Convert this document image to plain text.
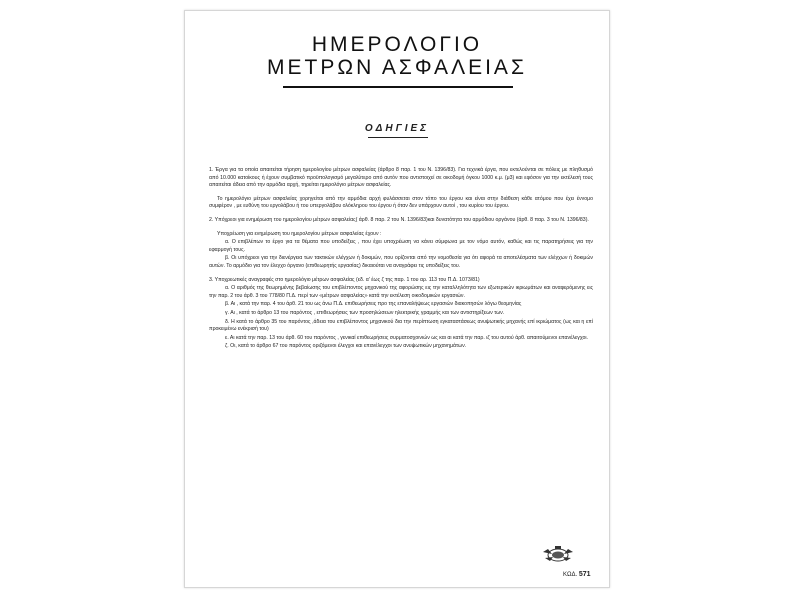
ΗΜΕΡΟΛΟΓΙΟ
ΜΕΤΡΩΝ ΑΣΦΑΛΕΙΑΣ
ΟΔΗΓΙΕΣ

1. Έργα για τα οποία απαιτείται τήρηση ημερολογίου μέτρων ασφαλείας (άρθρο 8 παρ. 1 του Ν. 1396/83). Για τεχνικά έργα, που εκτελούνται σε πόλεις με πληθυσμό από 10.000 κατοίκους ή έχουν συμβατικό προϋπολογισμό μεγαλύτερο από αυτόν που αντιστοιχεί σε οικοδομή όγκου 1000 κ.μ. (μ3) και εφόσον για την εκτέλεσή τους απαιτείται άδεια από την αρμόδια αρχή, τηρείται ημερολόγιο μέτρων ασφαλείας.

Το ημερολόγιο μέτρων ασφαλείας χορηγείται από την αρμόδια αρχή φυλάσσεται στον τόπο του έργου και είναι στην διάθεση κάθε ατόμου που έχει έννομο συμφέρον , με ευθύνη του εργολάβου ή του υπεργολάβου ολόκληρου του έργου ή όταν δεν υπάρχουν αυτοί , του κυρίου του έργου.

2. Υπόχρεοι για ενημέρωση του ημερολογίου μέτρων ασφαλείας( άρθ. 8 παρ. 2 του Ν. 1396/83)και δυνατότητα του αρμόδιου οργάνου (άρθ. 8 παρ. 3 του Ν. 1396/83).

Υποχρέωση για ενημέρωση του ημερολογίου μέτρων ασφαλείας έχουν :

α. Ο επιβλέπων το έργο για τα θέματα που υποδείξεις , που έχει υποχρέωση να κάνει σύμφωνα με τον νόμο αυτόν, καθώς και τις παρατηρήσεις για την εφαρμογή τους.

β. Οι υπόχρεοι για την διενέργεια των τακτικών ελέγχων ή δοκιμών, που ορίζονται από την νομοθεσία για ότι αφορά τα αποτελέσματα των ελέγχων ή δοκιμών αυτών. Το αρμόδιο για τον έλεγχο όργανο (επιθεωρητής εργασίας) δικαιούται να αναγράφει τις υποδείξεις του.

3. Υποχρεωτικές αναγραφές στο ημερολόγιο μέτρων ασφαλείας (εδ. α' έως ζ της παρ. 1 του αρ. 113 του Π.Δ. 1073/81)

α. Ο αριθμός της θεωρημένης βεβαίωσης του επιβλέποντος μηχανικού της αφορώσης εις την καταλληλότητα των εξωτερικών ικριωμάτων και αναφερόμενης εις την παρ. 2 του άρθ. 3 του 778/80 Π.Δ. περί των «μέτρων ασφαλείας» κατά την εκτέλεση οικοδομικών εργασιών.

β. Αι , κατά την παρ. 4 του άρθ. 21 του ως άνω Π.Δ. επιθεωρήσεις προ της επαναλήψεως εργασιών διακοπησών λόγω θεομηνίας

γ. Αι , κατά το άρθρο 13 του παρόντος , επιθεωρήσεις των προσηλώσεων ηλεκτρικής γραμμής και των αντιστηρίξεων των.

δ. Η κατά το άρθρο 35 του παρόντος ,άδεια του επιβλέποντος μηχανικού δια την περίπτωση εγκαταστάσεως ανυψωτικής μηχανής επί ικριώματος (ως και η επί προκειμένω ενέκρισή του)

ε. Αι κατά την παρ. 13 του άρθ. 60 του παρόντος , γενικαί επιθεωρήσεις συρματοσχοινιών ως και αι κατά την παρ. ιζ του αυτού άρθ. απαιτούμενοι επανέλεγχοι.

ζ. Οι, κατά το άρθρο 67 του παρόντος οριζόμενοι έλεγχοι και επανέλεγχοι των ανυψωτικών μηχανημάτων.

ΚΩΔ. 571
